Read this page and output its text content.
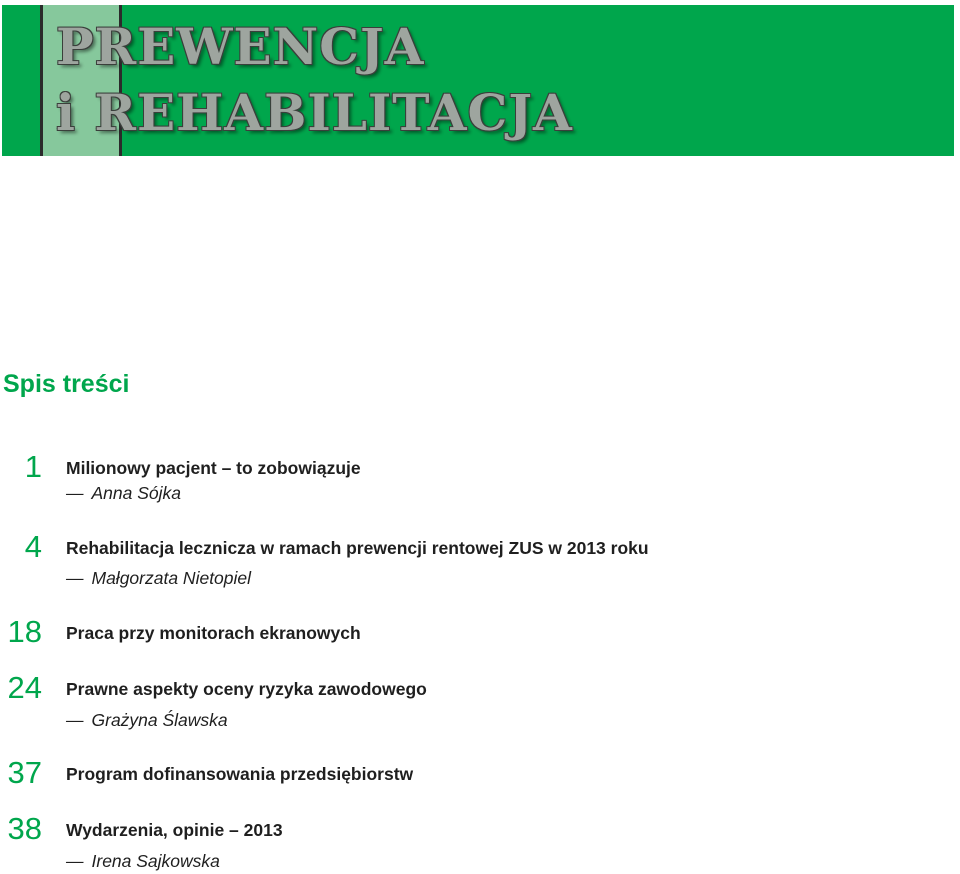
PREWENCJA
i REHABILITACJA
Spis treści
1 Milionowy pacjent – to zobowiązuje
— Anna Sójka
4 Rehabilitacja lecznicza w ramach prewencji rentowej ZUS w 2013 roku
— Małgorzata Nietopiel
18 Praca przy monitorach ekranowych
24 Prawne aspekty oceny ryzyka zawodowego
— Grażyna Ślawska
37 Program dofinansowania przedsiębiorstw
38 Wydarzenia, opinie – 2013
— Irena Sajkowska
